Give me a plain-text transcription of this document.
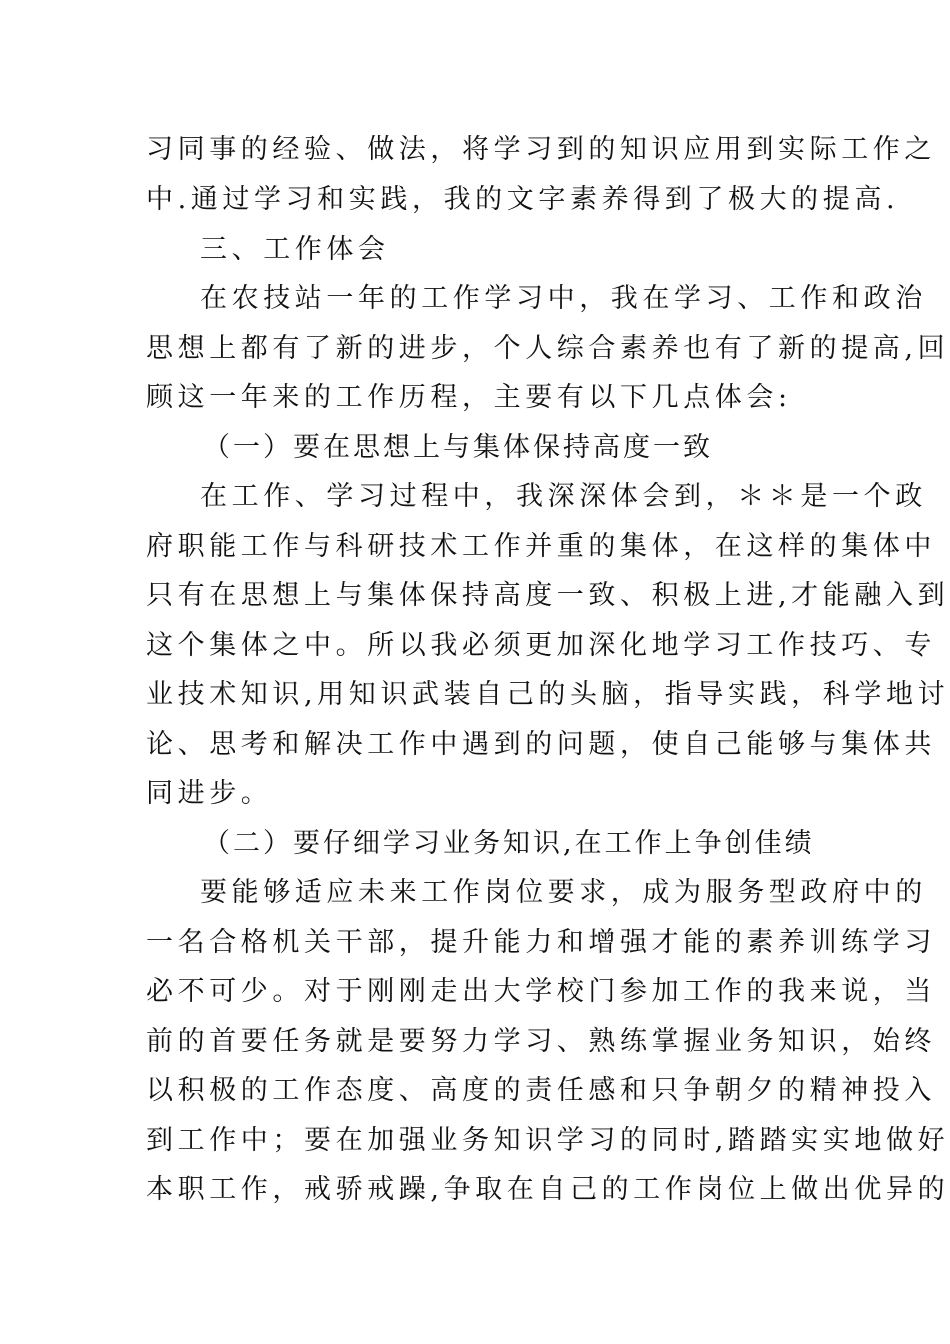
习同事的经验、做法，将学习到的知识应用到实际工作之
中.通过学习和实践，我的文字素养得到了极大的提高.
三、工作体会
在农技站一年的工作学习中，我在学习、工作和政治
思想上都有了新的进步，个人综合素养也有了新的提高,回
顾这一年来的工作历程，主要有以下几点体会:
（一）要在思想上与集体保持高度一致
在工作、学习过程中，我深深体会到，＊＊是一个政
府职能工作与科研技术工作并重的集体，在这样的集体中
只有在思想上与集体保持高度一致、积极上进,才能融入到
这个集体之中。所以我必须更加深化地学习工作技巧、专
业技术知识,用知识武装自己的头脑，指导实践，科学地讨
论、思考和解决工作中遇到的问题，使自己能够与集体共
同进步。
（二）要仔细学习业务知识,在工作上争创佳绩
要能够适应未来工作岗位要求，成为服务型政府中的
一名合格机关干部，提升能力和增强才能的素养训练学习
必不可少。对于刚刚走出大学校门参加工作的我来说，当
前的首要任务就是要努力学习、熟练掌握业务知识，始终
以积极的工作态度、高度的责任感和只争朝夕的精神投入
到工作中；要在加强业务知识学习的同时,踏踏实实地做好
本职工作，戒骄戒躁,争取在自己的工作岗位上做出优异的
